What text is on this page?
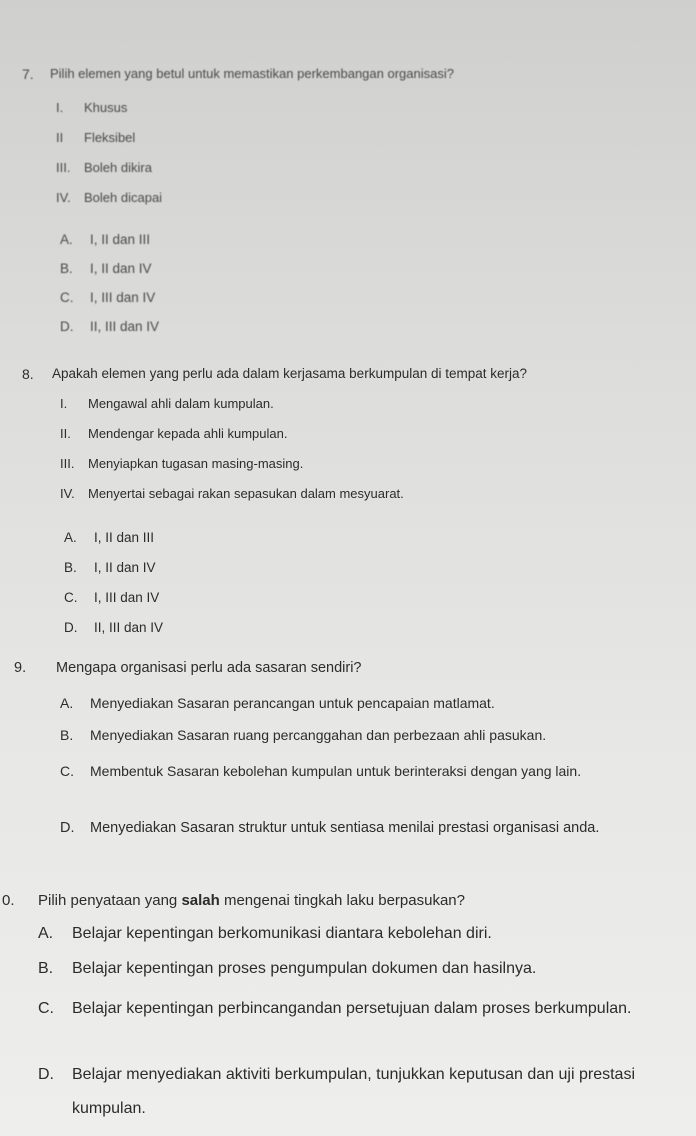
7. Pilih elemen yang betul untuk memastikan perkembangan organisasi?
I. Khusus
II Fleksibel
III. Boleh dikira
IV. Boleh dicapai
A. I, II dan III
B. I, II dan IV
C. I, III dan IV
D. II, III dan IV
8. Apakah elemen yang perlu ada dalam kerjasama berkumpulan di tempat kerja?
I. Mengawal ahli dalam kumpulan.
II. Mendengar kepada ahli kumpulan.
III. Menyiapkan tugasan masing-masing.
IV. Menyertai sebagai rakan sepasukan dalam mesyuarat.
A. I, II dan III
B. I, II dan IV
C. I, III dan IV
D. II, III dan IV
9. Mengapa organisasi perlu ada sasaran sendiri?
A. Menyediakan Sasaran perancangan untuk pencapaian matlamat.
B. Menyediakan Sasaran ruang percanggahan dan perbezaan ahli pasukan.
C. Membentuk Sasaran kebolehan kumpulan untuk berinteraksi dengan yang lain.
D. Menyediakan Sasaran struktur untuk sentiasa menilai prestasi organisasi anda.
0. Pilih penyataan yang salah mengenai tingkah laku berpasukan?
A. Belajar kepentingan berkomunikasi diantara kebolehan diri.
B. Belajar kepentingan proses pengumpulan dokumen dan hasilnya.
C. Belajar kepentingan perbincangandan persetujuan dalam proses berkumpulan.
D. Belajar menyediakan aktiviti berkumpulan, tunjukkan keputusan dan uji prestasi kumpulan.
